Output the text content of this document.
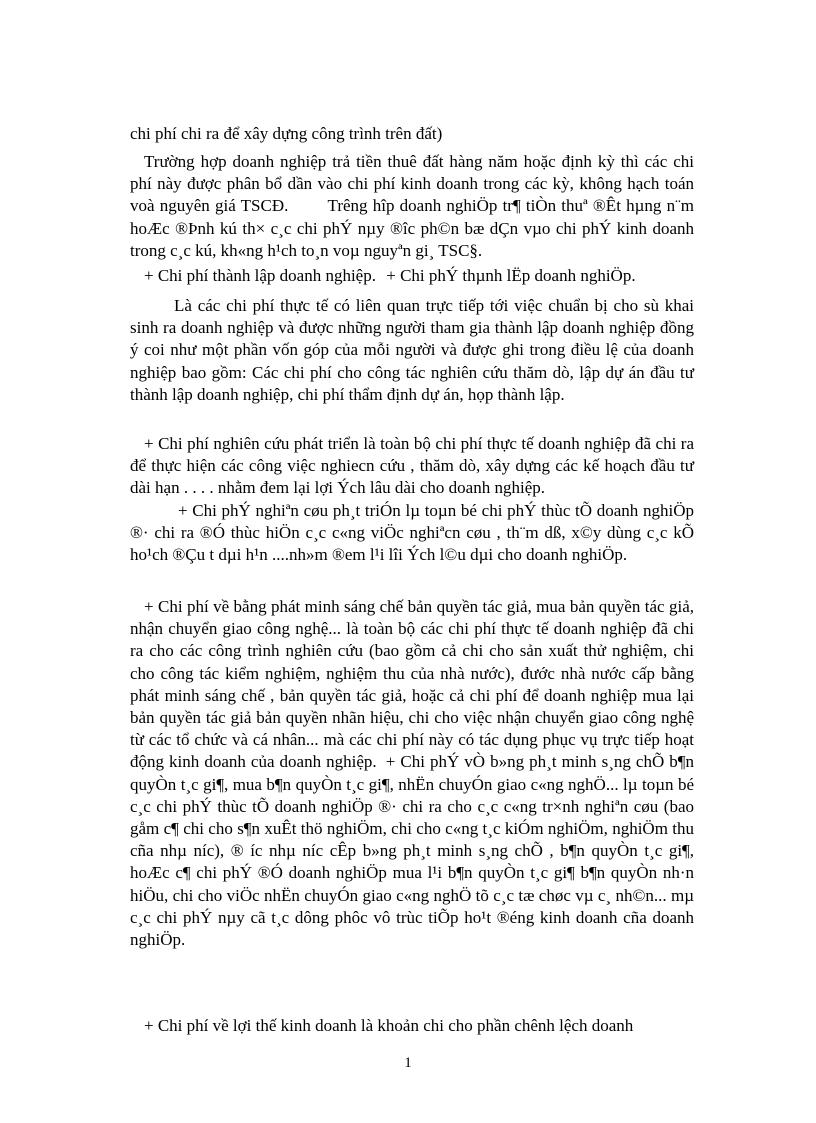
chi phí chi ra để xây dựng công trình trên đất)

Trường hợp doanh nghiệp trả tiền thuê đất hàng năm hoặc định kỳ thì các chi phí này được phân bổ dần vào chi phí kinh doanh trong các kỳ, không hạch toán voà nguyên giá TSCĐ. Trêng hîp doanh nghiÖp tr¶ tiÒn thuª ®Êt hµng n¨m hoÆc ®Þnh kú th× c¸c chi phÝ nµy ®îc ph©n bæ dÇn vµo chi phÝ kinh doanh trong c¸c kú, kh«ng h¹ch to¸n voµ nguyªn gi¸ TSC§.

+ Chi phí thành lập doanh nghiệp. + Chi phÝ thµnh lËp doanh nghiÖp.

Là các chi phí thực tế có liên quan trực tiếp tới việc chuẩn bị cho sù khai sinh ra doanh nghiệp và được những người tham gia thành lập doanh nghiệp đồng ý coi như một phần vốn góp của mỗi người và được ghi trong điều lệ của doanh nghiệp bao gồm: Các chi phí cho công tác nghiên cứu thăm dò, lập dự án đầu tư thành lập doanh nghiệp, chi phí thẩm định dự án, họp thành lập.

+ Chi phí nghiên cứu phát triển là toàn bộ chi phí thực tế doanh nghiệp đã chi ra để thực hiện các công việc nghiecn cứu , thăm dò, xây dựng các kế hoạch đầu tư dài hạn . . . . nhằm đem lại lợi Ých lâu dài cho doanh nghiệp.

+ Chi phÝ nghiªn cøu ph¸t triÓn lµ toµn bé chi phÝ thùc tÕ doanh nghiÖp ®· chi ra ®Ó thùc hiÖn c¸c c«ng viÖc nghiªcn cøu , th¨m dß, x©y dùng c¸c kÕ ho¹ch ®Çu t dµi h¹n ....nh»m ®em l¹i lîi Ých l©u dµi cho doanh nghiÖp.

+ Chi phí về bằng phát minh sáng chế bản quyền tác giả, mua bản quyền tác giả, nhận chuyển giao công nghệ... là toàn bộ các chi phí thực tế doanh nghiệp đã chi ra cho các công trình nghiên cứu (bao gồm cả chi cho sản xuất thử nghiệm, chi cho công tác kiểm nghiệm, nghiệm thu của nhà nước), đước nhà nước cấp bằng phát minh sáng chế , bản quyền tác giả, hoặc cả chi phí để doanh nghiệp mua lại bản quyền tác giả bản quyền nhãn hiệu, chi cho việc nhận chuyển giao công nghệ từ các tổ chức và cá nhân... mà các chi phí này có tác dụng phục vụ trực tiếp hoạt động kinh doanh của doanh nghiệp. + Chi phÝ vÒ b»ng ph¸t minh s¸ng chÕ b¶n quyÒn t¸c gi¶, mua b¶n quyÒn t¸c gi¶, nhËn chuyÓn giao c«ng nghÖ... lµ toµn bé c¸c chi phÝ thùc tÕ doanh nghiÖp ®· chi ra cho c¸c c«ng tr×nh nghiªn cøu (bao gåm c¶ chi cho s¶n xuÊt thö nghiÖm, chi cho c«ng t¸c kiÓm nghiÖm, nghiÖm thu cña nhµ níc), ® íc nhµ níc cÊp b»ng ph¸t minh s¸ng chÕ , b¶n quyÒn t¸c gi¶, hoÆc c¶ chi phÝ ®Ó doanh nghiÖp mua l¹i b¶n quyÒn t¸c gi¶ b¶n quyÒn nh·n hiÖu, chi cho viÖc nhËn chuyÓn giao c«ng nghÖ tõ c¸c tæ chøc vµ c¸ nh©n... mµ c¸c chi phÝ nµy cã t¸c dông phôc vô trùc tiÕp ho¹t ®éng kinh doanh cña doanh nghiÖp.

+ Chi phí về lợi thế kinh doanh là khoản chi cho phần chênh lệch doanh

1
